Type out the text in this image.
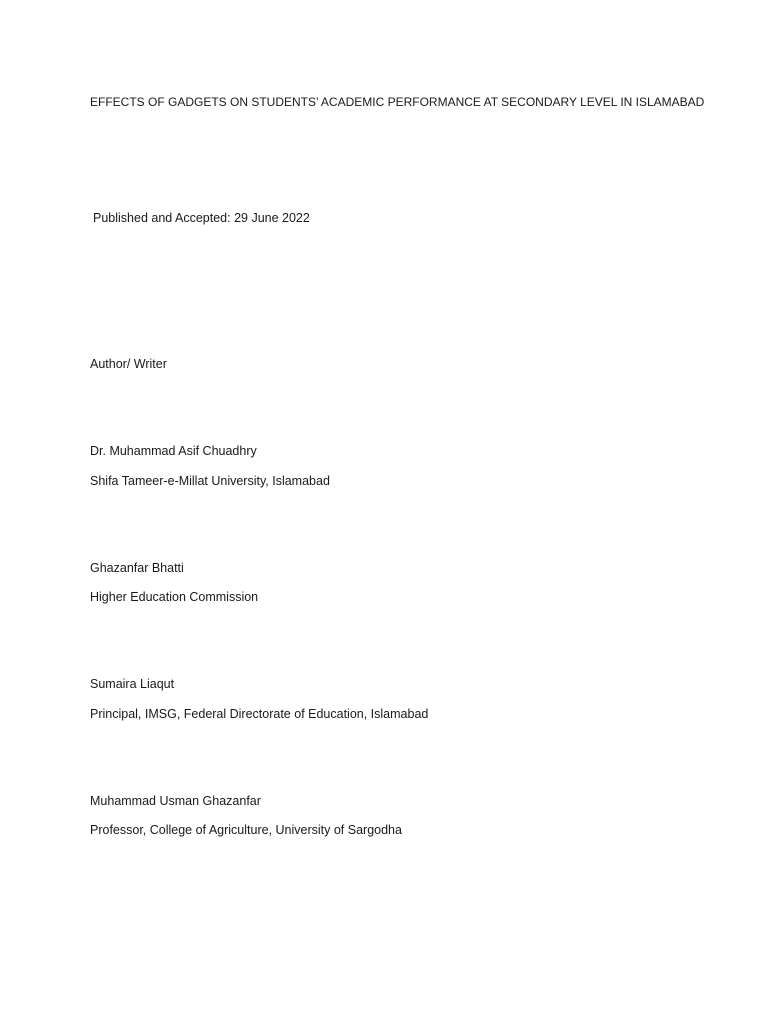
EFFECTS OF GADGETS ON STUDENTS’ ACADEMIC PERFORMANCE AT SECONDARY LEVEL IN ISLAMABAD
Published and Accepted: 29 June 2022
Author/ Writer
Dr. Muhammad Asif Chuadhry
Shifa Tameer-e-Millat University, Islamabad
Ghazanfar Bhatti
Higher Education Commission
Sumaira Liaqut
Principal, IMSG, Federal Directorate of Education, Islamabad
Muhammad Usman Ghazanfar
Professor, College of Agriculture, University of Sargodha
